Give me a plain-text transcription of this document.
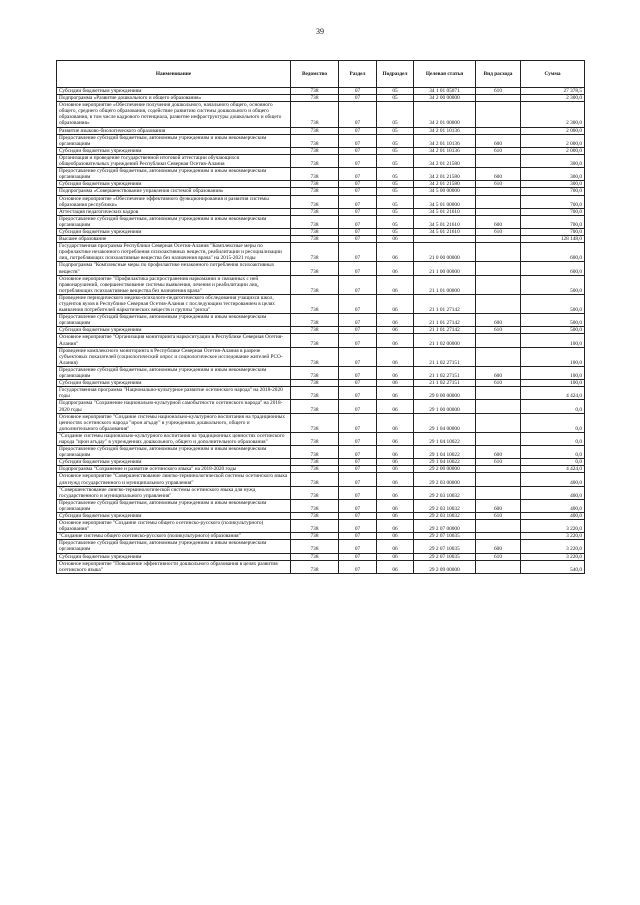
39
Наименование	Ведомство	Раздел	Подраздел	Целевая статья	Вид расхода	Сумма
Субсидии бюджетным учреждениям	738	07	05	34 1 01 05071	610	27 378,5
Подпрограмма «Развитие дошкольного и общего образования»	738	07	05	34 2 00 00000		2 300,0
Основное мероприятие «Обеспечение получения дошкольного, начального общего, основного общего, среднего общего образования, содействие развитию системы дошкольного и общего образования, в том числе кадрового потенциала, развитие инфраструктуры дошкольного и общего образования»	738	07	05	34 2 01 00000		2 300,0
Развитие языково-биологического образования	738	07	05	34 2 01 10136		2 000,0
Предоставление субсидий бюджетным, автономным учреждениям и иным некоммерческим организациям	738	07	05	34 2 01 10136	600	2 000,0
Субсидии бюджетным учреждениям	738	07	05	34 2 01 10136	610	2 000,0
Организация и проведение государственной итоговой аттестации обучающихся общеобразовательных учреждений Республики Северная Осетия-Алания	738	07	05	34 2 01 21580		300,0
Предоставление субсидий бюджетным, автономным учреждениям и иным некоммерческим организациям	738	07	05	34 2 01 21580	600	300,0
Субсидии бюджетным учреждениям	738	07	05	34 2 01 21580	610	300,0
Подпрограмма «Совершенствование управления системой образования»	738	07	05	34 5 00 00000		700,0
Основное мероприятие «Обеспечение эффективного функционирования и развития системы образования республики»	738	07	05	34 5 01 00000		700,0
Аттестация педагогических кадров	738	07	05	34 5 01 21610		700,0
Предоставление субсидий бюджетным, автономным учреждениям и иным некоммерческим организациям	738	07	05	34 5 01 21610	600	700,0
Субсидии бюджетным учреждениям	738	07	05	34 5 01 21610	610	700,0
Высшее образование	738	07	06			128 148,0
Государственная программа Республики Северная Осетия-Алания "Комплексные меры по профилактике незаконного потребления психоактивных веществ, реабилитации и ресоциализации лиц, потребляющих психоактивные вещества без назначения врача" на 2015-2021 годы	738	07	06	21 0 00 00000		600,0
Подпрограмма "Комплексные меры по профилактике незаконного потребления психоактивных веществ"	738	07	06	21 1 00 00000		600,0
Основное мероприятие "Профилактика распространения наркомании и связанных с ней правонарушений, совершенствование системы выявления, лечения и реабилитации лиц, потребляющих психоактивные вещества без назначения врача"	738	07	06	21 1 01 00000		500,0
Проведение периодического медико-психолого-педагогического обследования учащихся школ, студентов вузов в Республике Северная Осетия-Алания с последующим тестированием в целях выявления потребителей наркотических веществ и группы "риска"	738	07	06	21 1 01 27142		500,0
Предоставление субсидий бюджетным, автономным учреждениям и иным некоммерческим организациям	738	07	06	21 1 01 27142	600	500,0
Субсидии бюджетным учреждениям	738	07	06	21 1 01 27142	610	500,0
Основное мероприятие "Организация мониторинга наркоситуации в Республике Северная Осетия-Алания"	738	07	06	21 1 02 00000		100,0
Проведение комплексного мониторинга в Республике Северная Осетия-Алания в разрезе субъектовых показателей (социологический опрос и социологическое исследование жителей РСО-Алания)	738	07	06	21 1 02 27151		100,0
Предоставление субсидий бюджетным, автономным учреждениям и иным некоммерческим организациям	738	07	06	21 1 02 27151	600	100,0
Субсидии бюджетным учреждениям	738	07	06	21 1 02 27151	610	100,0
Государственная программа "Национально-культурное развитие осетинского народа" на 2018-2020 годы	738	07	06	29 0 00 00000		4 424,0
Подпрограмма "Сохранение национально-культурной самобытности осетинского народа" на 2018-2020 годы	738	07	06	29 1 00 00000		0,0
Основное мероприятие "Создание системы национально-культурного воспитания на традиционных ценностях осетинского народа "ирон агъдау" в учреждениях дошкольного, общего и дополнительного образования"	738	07	06	29 1 04 00000		0,0
"Создание системы национально-культурного воспитания на традиционных ценностях осетинского народа "ирон агъдау" в учреждениях дошкольного, общего и дополнительного образования"	738	07	06	29 1 04 10022		0,0
Предоставление субсидий бюджетным, автономным учреждениям и иным некоммерческим организациям	738	07	06	29 1 04 10022	600	0,0
Субсидии бюджетным учреждениям	738	07	06	29 1 04 10022	610	0,0
Подпрограмма "Сохранение и развитие осетинского языка" на 2018-2020 годы	738	07	06	29 2 00 00000		4 424,0
Основное мероприятие "Совершенствование лингво-терминологической системы осетинского языка для нужд государственного и муниципального управления"	738	07	06	29 2 03 00000		400,0
"Совершенствование лингво-терминологической системы осетинского языка для нужд государственного и муниципального управления"	738	07	06	29 2 03 10032		400,0
Предоставление субсидий бюджетным, автономным учреждениям и иным некоммерческим организациям	738	07	06	29 2 03 10032	600	400,0
Субсидии бюджетным учреждениям	738	07	06	29 2 03 10032	610	400,0
Основное мероприятие "Создание системы общего осетинско-русского (поликультурного) образования"	738	07	06	29 2 07 00000		3 220,0
"Создание системы общего осетинско-русского (поликультурного) образования"	738	07	06	29 2 07 10035		3 220,0
Предоставление субсидий бюджетным, автономным учреждениям и иным некоммерческим организациям	738	07	06	29 2 07 10035	600	3 220,0
Субсидии бюджетным учреждениям	738	07	06	29 2 07 10035	610	3 220,0
Основное мероприятие "Повышение эффективности дошкольного образования в целях развития осетинского языка"	738	07	06	29 2 09 00000		540,0
